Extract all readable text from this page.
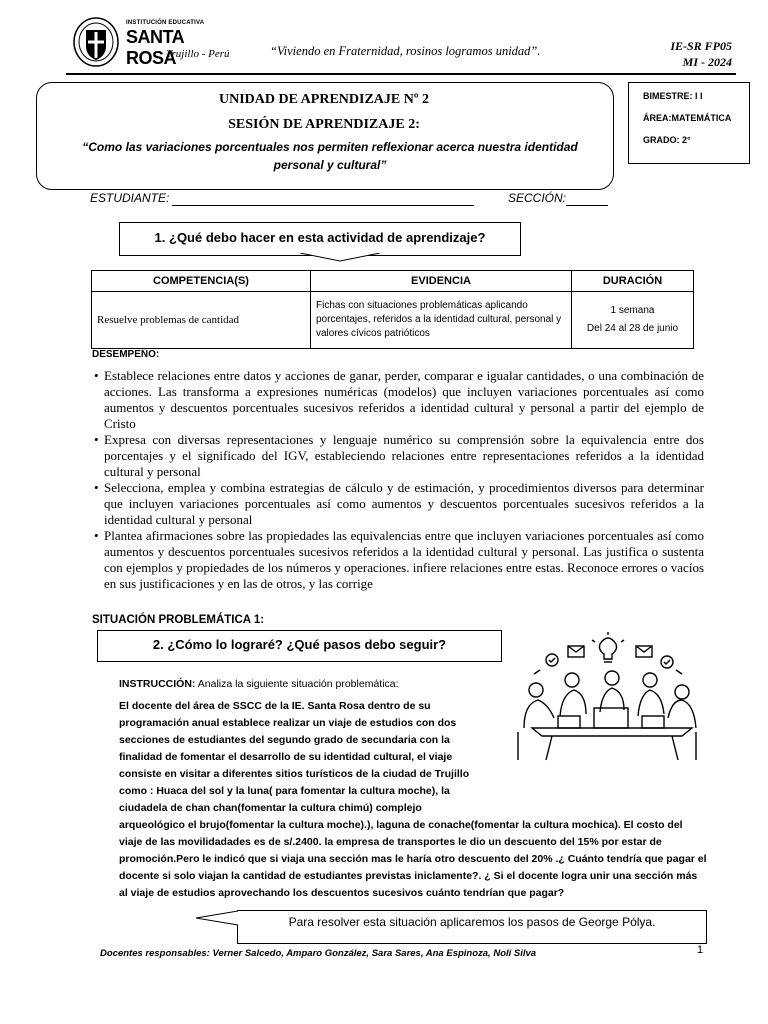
INSTITUCIÓN EDUCATIVA
SANTA ROSA
Trujillo - Perú	“Viviendo en Fraternidad, rosinos logramos unidad”.	IE-SR FP05
MI - 2024
UNIDAD DE APRENDIZAJE Nº 2
SESIÓN DE APRENDIZAJE 2:
“Como las variaciones porcentuales nos permiten reflexionar acerca nuestra identidad personal y cultural”
BIMESTRE: I I
ÁREA:MATEMÁTICA
GRADO: 2°
ESTUDIANTE:	SECCIÓN:
1. ¿Qué debo hacer en esta actividad de aprendizaje?
COMPETENCIA(S)	EVIDENCIA	DURACIÓN
Resuelve problemas de cantidad	Fichas con situaciones problemáticas aplicando porcentajes, referidos a la identidad cultural, personal y valores cívicos patrióticos	1 semana
Del 24 al 28 de junio
DESEMPEÑO:
• Establece relaciones entre datos y acciones de ganar, perder, comparar e igualar cantidades, o una combinación de acciones. Las transforma a expresiones numéricas (modelos) que incluyen variaciones porcentuales así como aumentos y descuentos porcentuales sucesivos referidos a identidad cultural y personal a partir del ejemplo de Cristo
• Expresa con diversas representaciones y lenguaje numérico su comprensión sobre la equivalencia entre dos porcentajes y el significado del IGV, estableciendo relaciones entre representaciones referidos a la identidad cultural y personal
• Selecciona, emplea y combina estrategias de cálculo y de estimación, y procedimientos diversos para determinar que incluyen variaciones porcentuales así como aumentos y descuentos porcentuales sucesivos referidos a la identidad cultural y personal
• Plantea afirmaciones sobre las propiedades las equivalencias entre que incluyen variaciones porcentuales así como aumentos y descuentos porcentuales sucesivos referidos a la identidad cultural y personal. Las justifica o sustenta con ejemplos y propiedades de los números y operaciones. infiere relaciones entre estas. Reconoce errores o vacíos en sus justificaciones y en las de otros, y las corrige
SITUACIÓN PROBLEMÁTICA 1:
2. ¿Cómo lo lograré? ¿Qué pasos debo seguir?
INSTRUCCIÓN: Analiza la siguiente situación problemática:
El docente del área de SSCC de la IE. Santa Rosa dentro de su programación anual establece realizar un viaje de estudios con dos secciones de estudiantes del segundo grado de secundaria con la finalidad de fomentar el desarrollo de su identidad cultural, el viaje consiste en visitar a diferentes sitios turísticos de la ciudad de Trujillo como : Huaca del sol y la luna( para fomentar la cultura moche), la ciudadela de chan chan(fomentar la cultura chimú) complejo
arqueológico el brujo(fomentar la cultura moche).), laguna de conache(fomentar la cultura mochica). El costo del viaje de las movilidadades es de s/.2400. la empresa de transportes le dio un descuento del 15% por estar de promoción.Pero le indicó que si viaja una sección mas le haría otro descuento del 20% .¿ Cuánto tendría que pagar el docente si solo viajan la cantidad de estudiantes previstas iniclamente?. ¿ Si el docente logra unir una sección más al viaje de estudios aprovechando los descuentos sucesivos cuánto tendrían que pagar?
Para resolver esta situación aplicaremos los pasos de George Pólya.
Docentes responsables: Verner Salcedo, Amparo González, Sara Sares, Ana Espinoza, Noli Silva	1
